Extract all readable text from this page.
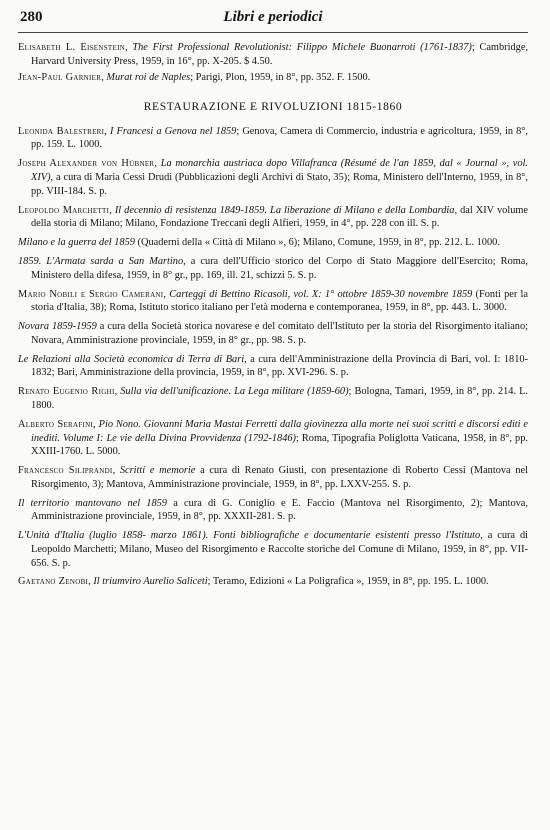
280	Libri e periodici

Elisabeth L. Eisenstein, The First Professional Revolutionist: Filippo Michele Buonarroti (1761-1837); Cambridge, Harvard University Press, 1959, in 16°, pp. X-205. $ 4.50.

Jean-Paul Garnier, Murat roi de Naples; Parigi, Plon, 1959, in 8°, pp. 352. F. 1500.

RESTAURAZIONE E RIVOLUZIONI 1815-1860

Leonida Balestreri, I Francesi a Genova nel 1859; Genova, Camera di Commercio, industria e agricoltura, 1959, in 8°, pp. 159. L. 1000.

Joseph Alexander von Hübner, La monarchia austriaca dopo Villafranca (Résumé de l'an 1859, dal « Journal », vol. XIV), a cura di Maria Cessi Drudi (Pubblicazioni degli Archivi di Stato, 35); Roma, Ministero dell'Interno, 1959, in 8°, pp. VIII-184. S. p.

Leopoldo Marchetti, Il decennio di resistenza 1849-1859. La liberazione di Milano e della Lombardia, dal XIV volume della storia di Milano; Milano, Fondazione Treccani degli Alfieri, 1959, in 4°, pp. 228 con ill. S. p.

Milano e la guerra del 1859 (Quaderni della « Città di Milano », 6); Milano, Comune, 1959, in 8°, pp. 212. L. 1000.

1859. L'Armata sarda a San Martino, a cura dell'Ufficio storico del Corpo di Stato Maggiore dell'Esercito; Roma, Ministero della difesa, 1959, in 8° gr., pp. 169, ill. 21, schizzi 5. S. p.

Mario Nobili e Sergio Camerani, Carteggi di Bettino Ricasoli, vol. X: 1° ottobre 1859-30 novembre 1859 (Fonti per la storia d'Italia, 38); Roma, Istituto storico italiano per l'età moderna e contemporanea, 1959, in 8°, pp. 443. L. 3000.

Novara 1859-1959 a cura della Società storica novarese e del comitato dell'Istituto per la storia del Risorgimento italiano; Novara, Amministrazione provinciale, 1959, in 8° gr., pp. 98. S. p.

Le Relazioni alla Società economica di Terra di Bari, a cura dell'Amministrazione della Provincia di Bari, vol. I: 1810-1832; Bari, Amministrazione della provincia, 1959, in 8°, pp. XVI-296. S. p.

Renato Eugenio Righi, Sulla via dell'unificazione. La Lega militare (1859-60); Bologna, Tamari, 1959, in 8°, pp. 214. L. 1800.

Alberto Serafini, Pio Nono. Giovanni Maria Mastai Ferretti dalla giovinezza alla morte nei suoi scritti e discorsi editi e inediti. Volume I: Le vie della Divina Provvidenza (1792-1846); Roma, Tipografia Poliglotta Vaticana, 1958, in 8°, pp. XXIII-1760. L. 5000.

Francesco Siliprandi, Scritti e memorie a cura di Renato Giusti, con presentazione di Roberto Cessi (Mantova nel Risorgimento, 3); Mantova, Amministrazione provinciale, 1959, in 8°, pp. LXXV-255. S. p.

Il territorio mantovano nel 1859 a cura di G. Coniglio e E. Faccio (Mantova nel Risorgimento, 2); Mantova, Amministrazione provinciale, 1959, in 8°, pp. XXXII-281. S. p.

L'Unità d'Italia (luglio 1858- marzo 1861). Fonti bibliografiche e documentarie esistenti presso l'Istituto, a cura di Leopoldo Marchetti; Milano, Museo del Risorgimento e Raccolte storiche del Comune di Milano, 1959, in 8°, pp. VII-656. S. p.

Gaetano Zenobi, Il triumviro Aurelio Saliceti; Teramo, Edizioni « La Poligrafica », 1959, in 8°, pp. 195. L. 1000.
